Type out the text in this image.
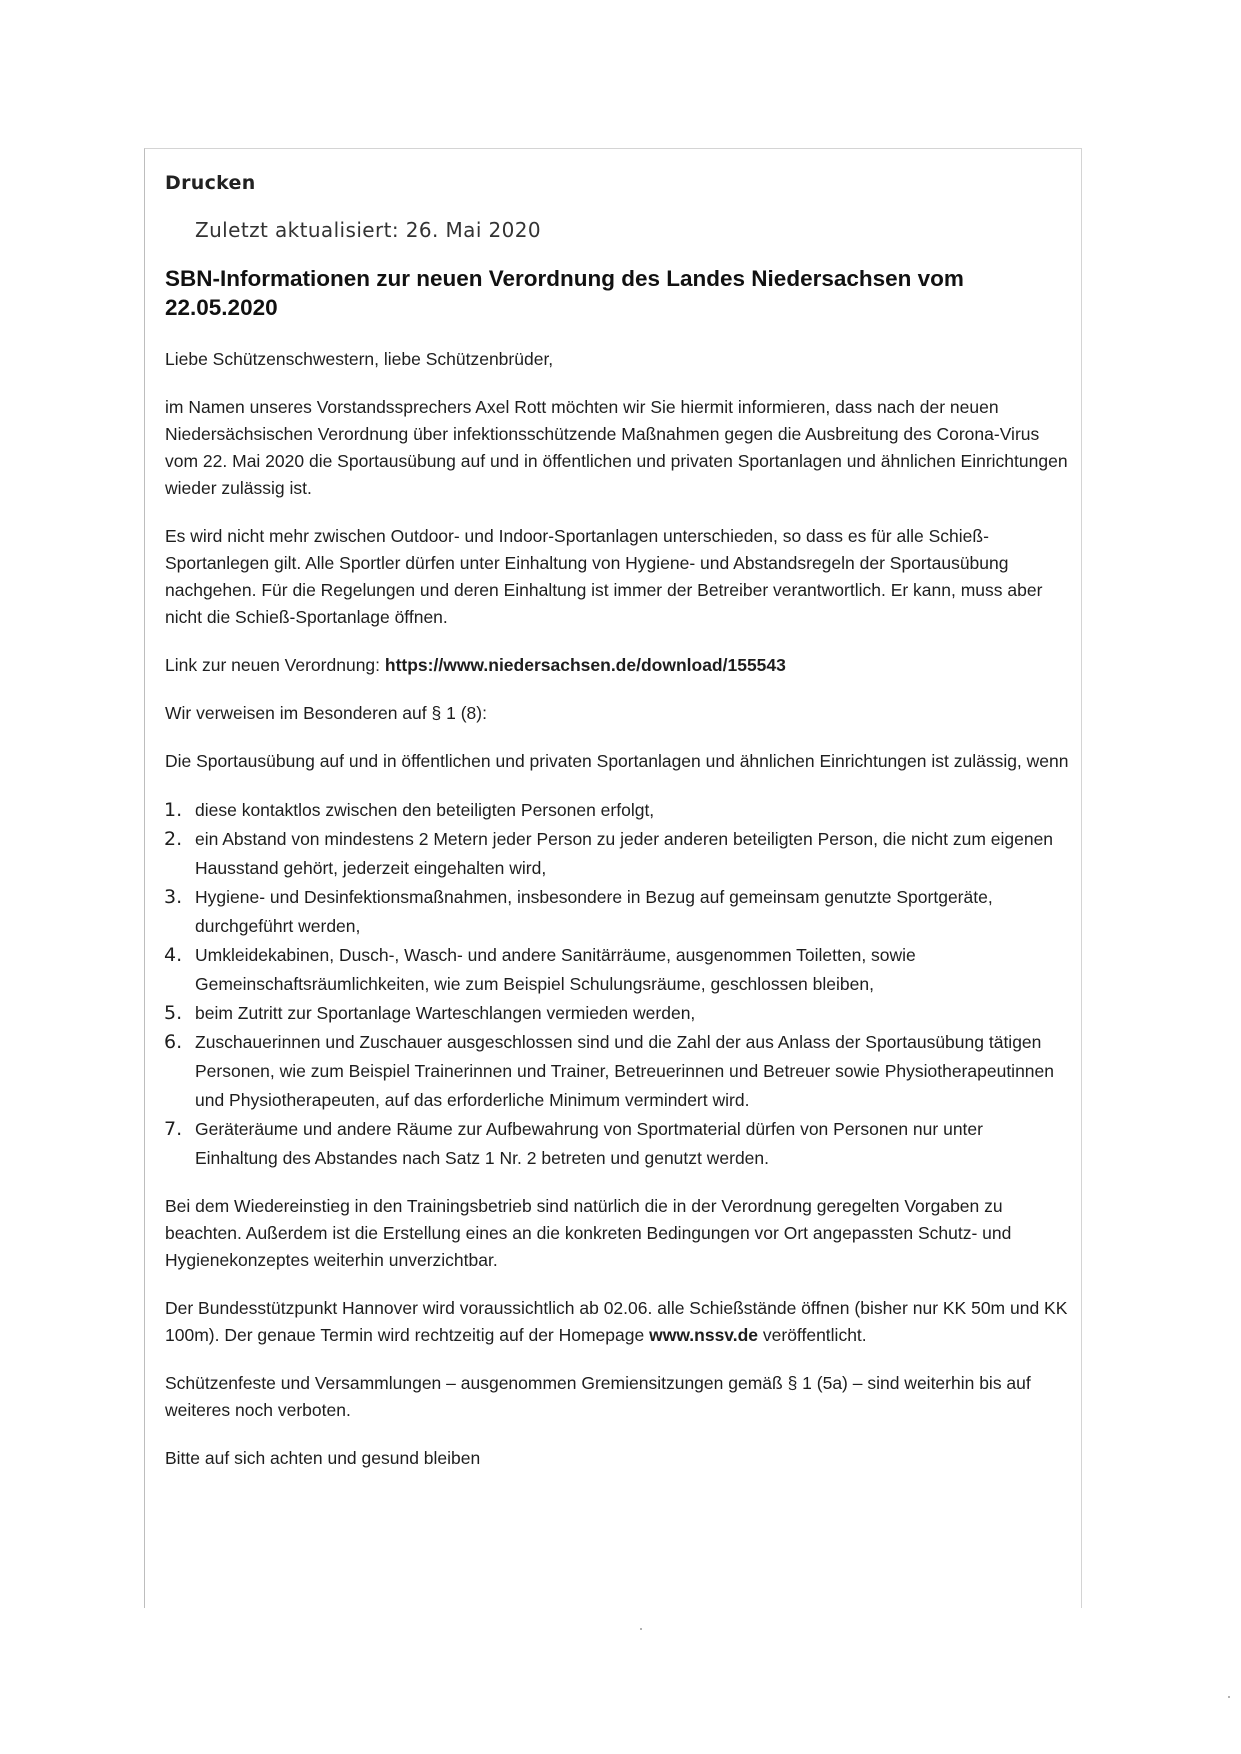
Drucken
Zuletzt aktualisiert: 26. Mai 2020
SBN-Informationen zur neuen Verordnung des Landes Niedersachsen vom 22.05.2020

Liebe Schützenschwestern, liebe Schützenbrüder,

im Namen unseres Vorstandssprechers Axel Rott möchten wir Sie hiermit informieren, dass nach der neuen Niedersächsischen Verordnung über infektionsschützende Maßnahmen gegen die Ausbreitung des Corona-Virus vom 22. Mai 2020 die Sportausübung auf und in öffentlichen und privaten Sportanlagen und ähnlichen Einrichtungen wieder zulässig ist.

Es wird nicht mehr zwischen Outdoor- und Indoor-Sportanlagen unterschieden, so dass es für alle Schieß-Sportanlegen gilt. Alle Sportler dürfen unter Einhaltung von Hygiene- und Abstandsregeln der Sportausübung nachgehen. Für die Regelungen und deren Einhaltung ist immer der Betreiber verantwortlich. Er kann, muss aber nicht die Schieß-Sportanlage öffnen.

Link zur neuen Verordnung: https://www.niedersachsen.de/download/155543

Wir verweisen im Besonderen auf § 1 (8):

Die Sportausübung auf und in öffentlichen und privaten Sportanlagen und ähnlichen Einrichtungen ist zulässig, wenn

1. diese kontaktlos zwischen den beteiligten Personen erfolgt,
2. ein Abstand von mindestens 2 Metern jeder Person zu jeder anderen beteiligten Person, die nicht zum eigenen Hausstand gehört, jederzeit eingehalten wird,
3. Hygiene- und Desinfektionsmaßnahmen, insbesondere in Bezug auf gemeinsam genutzte Sportgeräte, durchgeführt werden,
4. Umkleidekabinen, Dusch-, Wasch- und andere Sanitärräume, ausgenommen Toiletten, sowie Gemeinschaftsräumlichkeiten, wie zum Beispiel Schulungsräume, geschlossen bleiben,
5. beim Zutritt zur Sportanlage Warteschlangen vermieden werden,
6. Zuschauerinnen und Zuschauer ausgeschlossen sind und die Zahl der aus Anlass der Sportausübung tätigen Personen, wie zum Beispiel Trainerinnen und Trainer, Betreuerinnen und Betreuer sowie Physiotherapeutinnen und Physiotherapeuten, auf das erforderliche Minimum vermindert wird.
7. Geräteräume und andere Räume zur Aufbewahrung von Sportmaterial dürfen von Personen nur unter Einhaltung des Abstandes nach Satz 1 Nr. 2 betreten und genutzt werden.

Bei dem Wiedereinstieg in den Trainingsbetrieb sind natürlich die in der Verordnung geregelten Vorgaben zu beachten. Außerdem ist die Erstellung eines an die konkreten Bedingungen vor Ort angepassten Schutz- und Hygienekonzeptes weiterhin unverzichtbar.

Der Bundesstützpunkt Hannover wird voraussichtlich ab 02.06. alle Schießstände öffnen (bisher nur KK 50m und KK 100m). Der genaue Termin wird rechtzeitig auf der Homepage www.nssv.de veröffentlicht.

Schützenfeste und Versammlungen – ausgenommen Gremiensitzungen gemäß § 1 (5a) – sind weiterhin bis auf weiteres noch verboten.

Bitte auf sich achten und gesund bleiben
